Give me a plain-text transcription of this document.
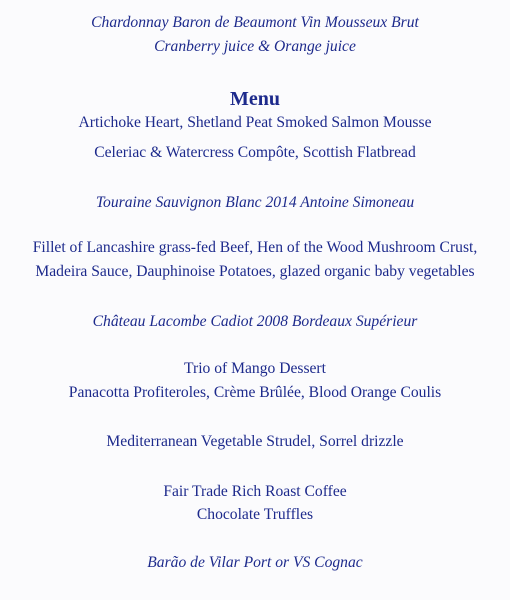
Chardonnay Baron de Beaumont Vin Mousseux Brut
Cranberry juice & Orange juice
Menu
Artichoke Heart, Shetland Peat Smoked Salmon Mousse
Celeriac & Watercress Compôte, Scottish Flatbread
Touraine Sauvignon Blanc 2014 Antoine Simoneau
Fillet of Lancashire grass-fed Beef, Hen of the Wood Mushroom Crust,
Madeira Sauce, Dauphinoise Potatoes, glazed organic baby vegetables
Château Lacombe Cadiot 2008 Bordeaux Supérieur
Trio of Mango Dessert
Panacotta Profiteroles, Crème Brûlée, Blood Orange Coulis
Mediterranean Vegetable Strudel, Sorrel drizzle
Fair Trade Rich Roast Coffee
Chocolate Truffles
Barão de Vilar Port or VS Cognac
